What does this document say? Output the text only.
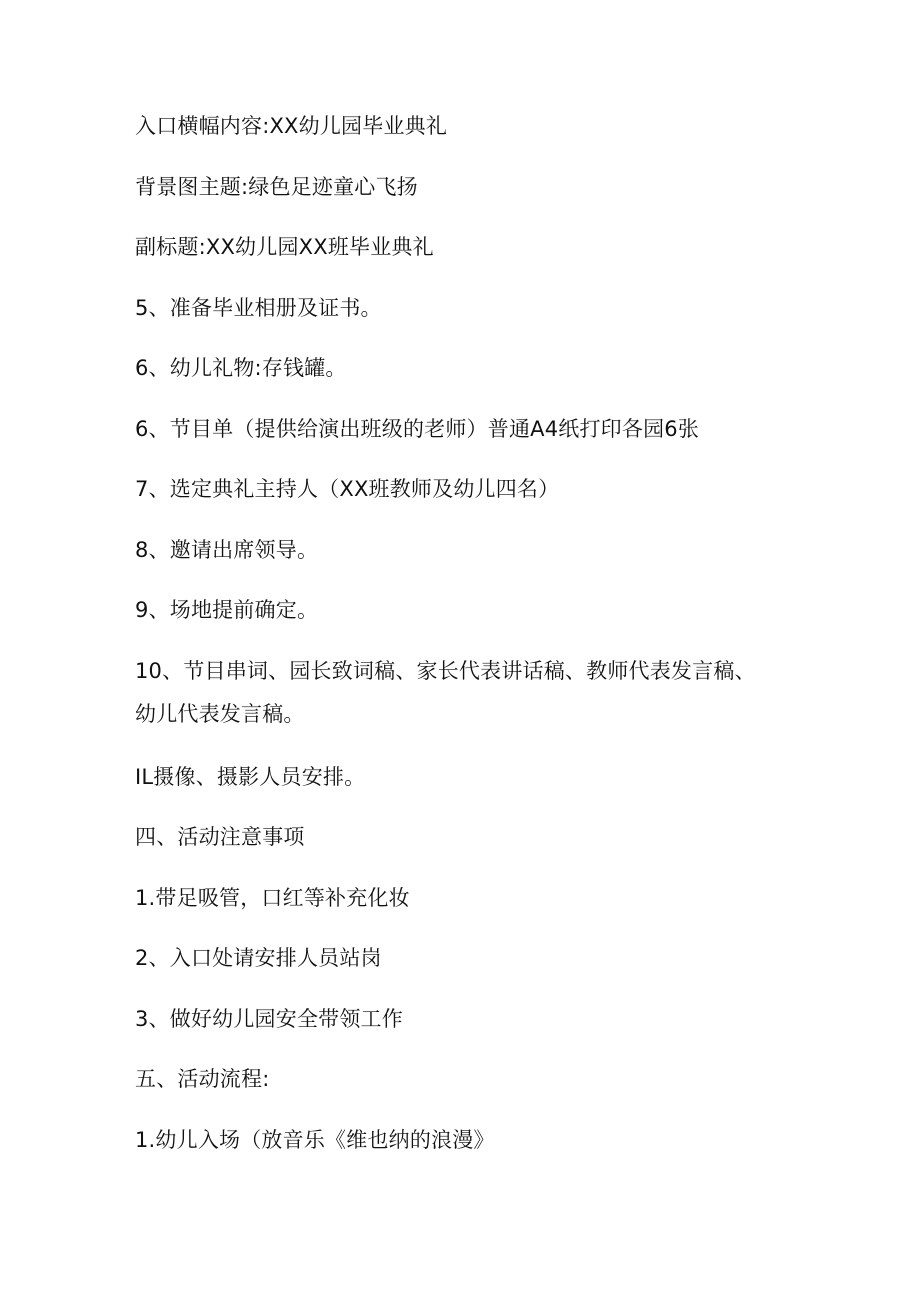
入口横幅内容:XX幼儿园毕业典礼
背景图主题:绿色足迹童心飞扬
副标题:XX幼儿园XX班毕业典礼
5、准备毕业相册及证书。
6、幼儿礼物:存钱罐。
6、节目单（提供给演出班级的老师）普通A4纸打印各园6张
7、选定典礼主持人（XX班教师及幼儿四名）
8、邀请出席领导。
9、场地提前确定。
10、节目串词、园长致词稿、家长代表讲话稿、教师代表发言稿、
幼儿代表发言稿。
IL摄像、摄影人员安排。
四、活动注意事项
1.带足吸管，口红等补充化妆
2、入口处请安排人员站岗
3、做好幼儿园安全带领工作
五、活动流程:
1.幼儿入场（放音乐《维也纳的浪漫》
